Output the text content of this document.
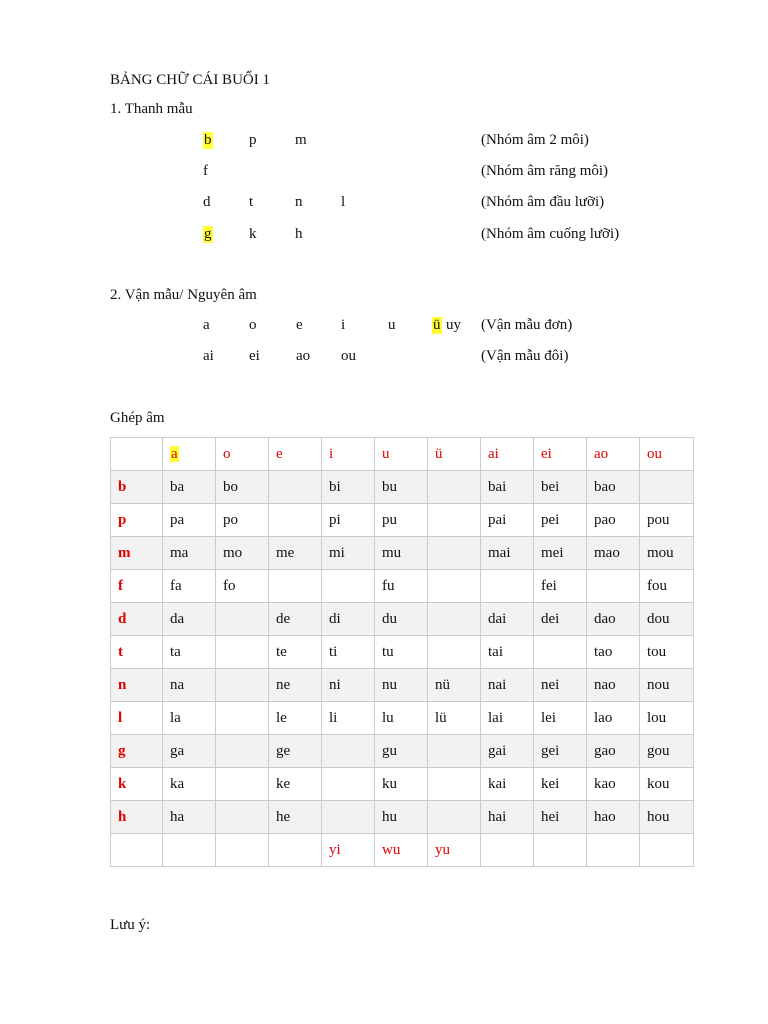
BẢNG CHỮ CÁI BUỔI 1
1. Thanh mẫu
b	p	m	(Nhóm âm 2 môi)
f	(Nhóm âm răng môi)
d	t	n	l	(Nhóm âm đầu lưỡi)
g	k	h	(Nhóm âm cuống lưỡi)
2. Vận mẫu/ Nguyên âm
a	o	e	i	u	ü uy (Vận mẫu đơn)
ai ei ao ou	(Vận mẫu đôi)
Ghép âm
	a	o	e	i	u	ü	ai	ei	ao	ou
b	ba	bo		bi	bu		bai	bei	bao	
p	pa	po		pi	pu		pai	pei	pao	pou
m	ma	mo	me	mi	mu		mai	mei	mao	mou
f	fa	fo			fu			fei		fou
d	da		de	di	du		dai	dei	dao	dou
t	ta		te	ti	tu		tai		tao	tou
n	na		ne	ni	nu	nü	nai	nei	nao	nou
l	la		le	li	lu	lü	lai	lei	lao	lou
g	ga		ge		gu		gai	gei	gao	gou
k	ka		ke		ku		kai	kei	kao	kou
h	ha		he		hu		hai	hei	hao	hou
				yi	wu	yu				
Lưu ý:
